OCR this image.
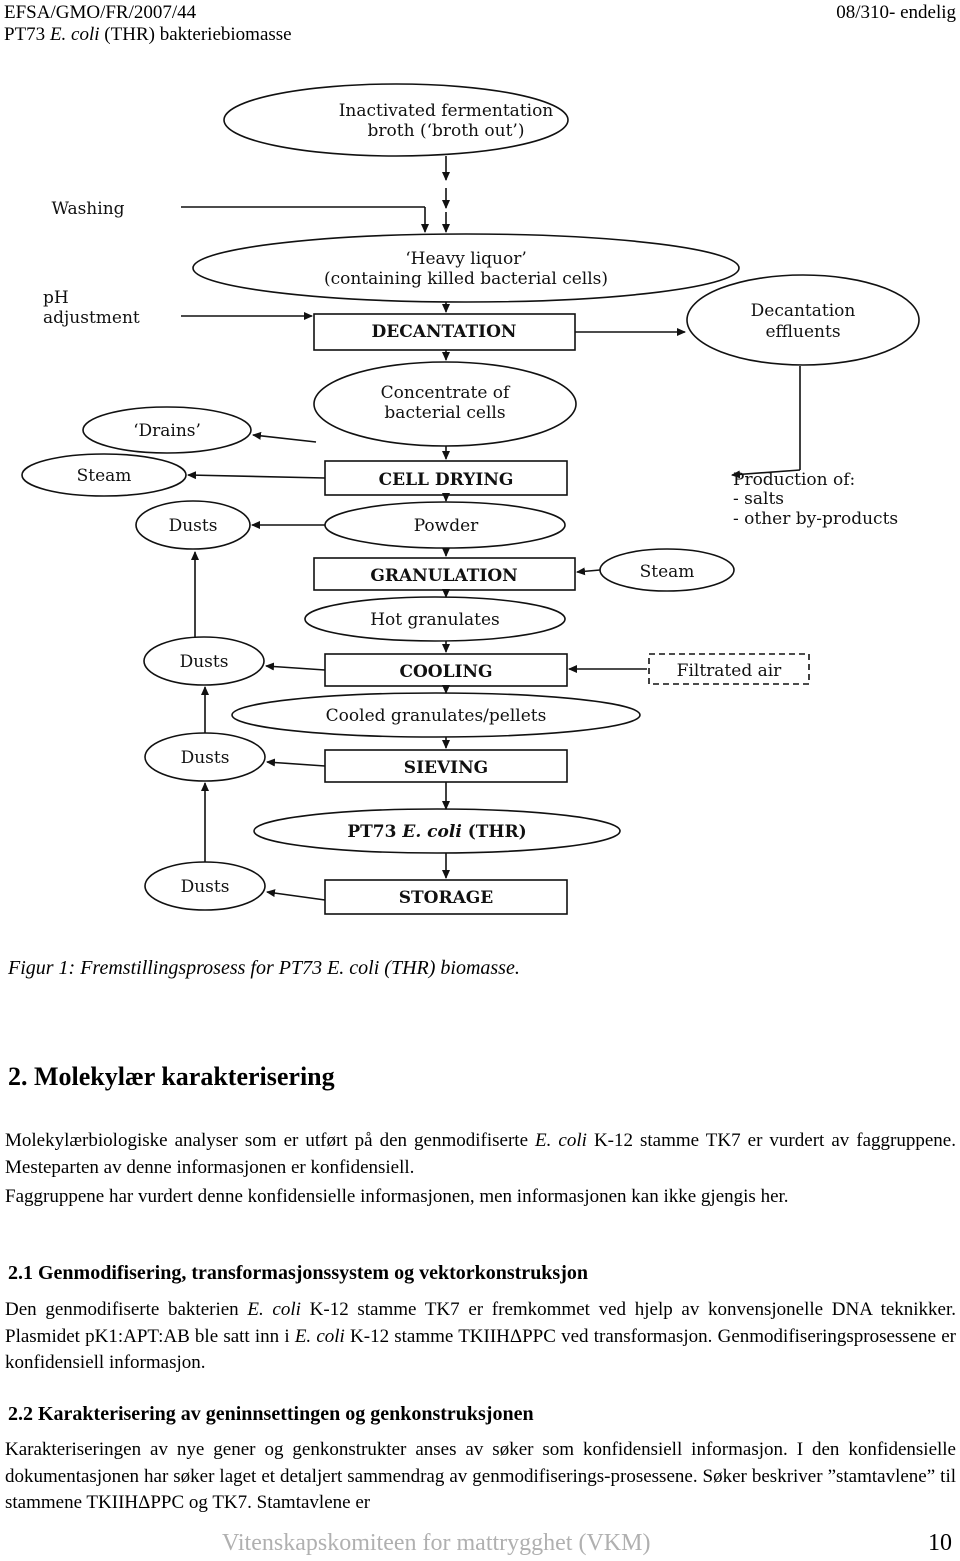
EFSA/GMO/FR/2007/44	08/310- endelig
PT73 E. coli (THR) bakteriebiomasse
Inactivated fermentation
broth (‘broth out’)
Washing
‘Heavy liquor’
(containing killed bacterial cells)
pH
adjustment
DECANTATION
Decantation
effluents
Concentrate of
bacterial cells
‘Drains’
Steam	CELL DRYING	Production of:
- salts
- other by-products
Dusts	Powder
GRANULATION	Steam
Hot granulates
Dusts	COOLING	Filtrated air
Cooled granulates/pellets
Dusts	SIEVING
PT73 E. coli (THR)
Dusts
STORAGE
Figur 1: Fremstillingsprosess for PT73 E. coli (THR) biomasse.
2. Molekylær karakterisering
Molekylærbiologiske analyser som er utført på den genmodifiserte E. coli K-12 stamme TK7 er vurdert av faggruppene. Mesteparten av denne informasjonen er konfidensiell.
Faggruppene har vurdert denne konfidensielle informasjonen, men informasjonen kan ikke gjengis her.
2.1 Genmodifisering, transformasjonssystem og vektorkonstruksjon
Den genmodifiserte bakterien E. coli K-12 stamme TK7 er fremkommet ved hjelp av konvensjonelle DNA teknikker. Plasmidet pK1:APT:AB ble satt inn i E. coli K-12 stamme TKIIHΔPPC ved transformasjon. Genmodifiseringsprosessene er konfidensiell informasjon.
2.2 Karakterisering av geninnsettingen og genkonstruksjonen
Karakteriseringen av nye gener og genkonstrukter anses av søker som konfidensiell informasjon. I den konfidensielle dokumentasjonen har søker laget et detaljert sammendrag av genmodifiserings-prosessene. Søker beskriver ”stamtavlene” til stammene TKIIHΔPPC og TK7. Stamtavlene er
Vitenskapskomiteen for mattrygghet (VKM)	10
